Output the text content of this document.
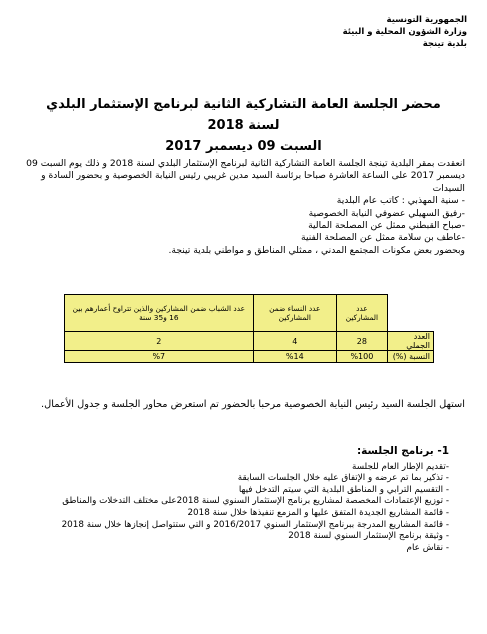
الجمهورية التونسية
وزارة الشؤون المحلية و البيئة
بلدية تينجة
محضر الجلسة العامة التشاركية الثانية لبرنامج الإستثمار البلدي
لسنة 2018
السبت 09 ديسمبر 2017

انعقدت بمقر البلدية تينجة الجلسة العامة التشاركية الثانية لبرنامج الإستثمار البلدي لسنة 2018 و ذلك يوم السبت 09 ديسمبر 2017 على الساعة العاشرة صباحا برئاسة السيد مدين غريبي رئيس النيابة الخصوصية و بحضور السادة و السيدات

- سنية المهذبي : كاتب عام البلدية
-رفيق السهيلي عضوفي النيابة الخصوصية
-صباح القبطني ممثل عن المصلحة المالية
-عاطف بن سلامة ممثل عن المصلحة الفنية

وبحضور بعض مكونات المجتمع المدني ، ممثلي المناطق و مواطني بلدية تينجة.

	عدد المشاركين	عدد النساء ضمن المشاركين	عدد الشباب ضمن المشاركين والذين تتراوح أعمارهم بين 16 و35 سنة
العدد الجملي	28	4	2
النسبة (%)	%100	%14	%7

استهل الجلسة السيد رئيس النيابة الخصوصية مرحبا بالحضور تم استعرض محاور الجلسة و جدول الأعمال.

1- برنامج الجلسة:
-تقديم الإطار العام للجلسة
- تذكير بما تم عرضه و الإتفاق عليه خلال الجلسات السابقة
- التقسيم الترابي و المناطق البلدية التي سيتم التدخل فيها
- توزيع الإعتمادات المخصصة لمشاريع برنامج الإستثمار السنوي لسنة 2018على مختلف التدخلات والمناطق
- قائمة المشاريع الجديدة المتفق عليها و المزمع تنفيذها خلال سنة 2018
- قائمة المشاريع المدرجة ببرنامج الإستثمار السنوي 2016/2017 و التي ستتواصل إنجازها خلال سنة 2018
- وثيقة برنامج الإستثمار السنوي لسنة 2018
- نقاش عام
